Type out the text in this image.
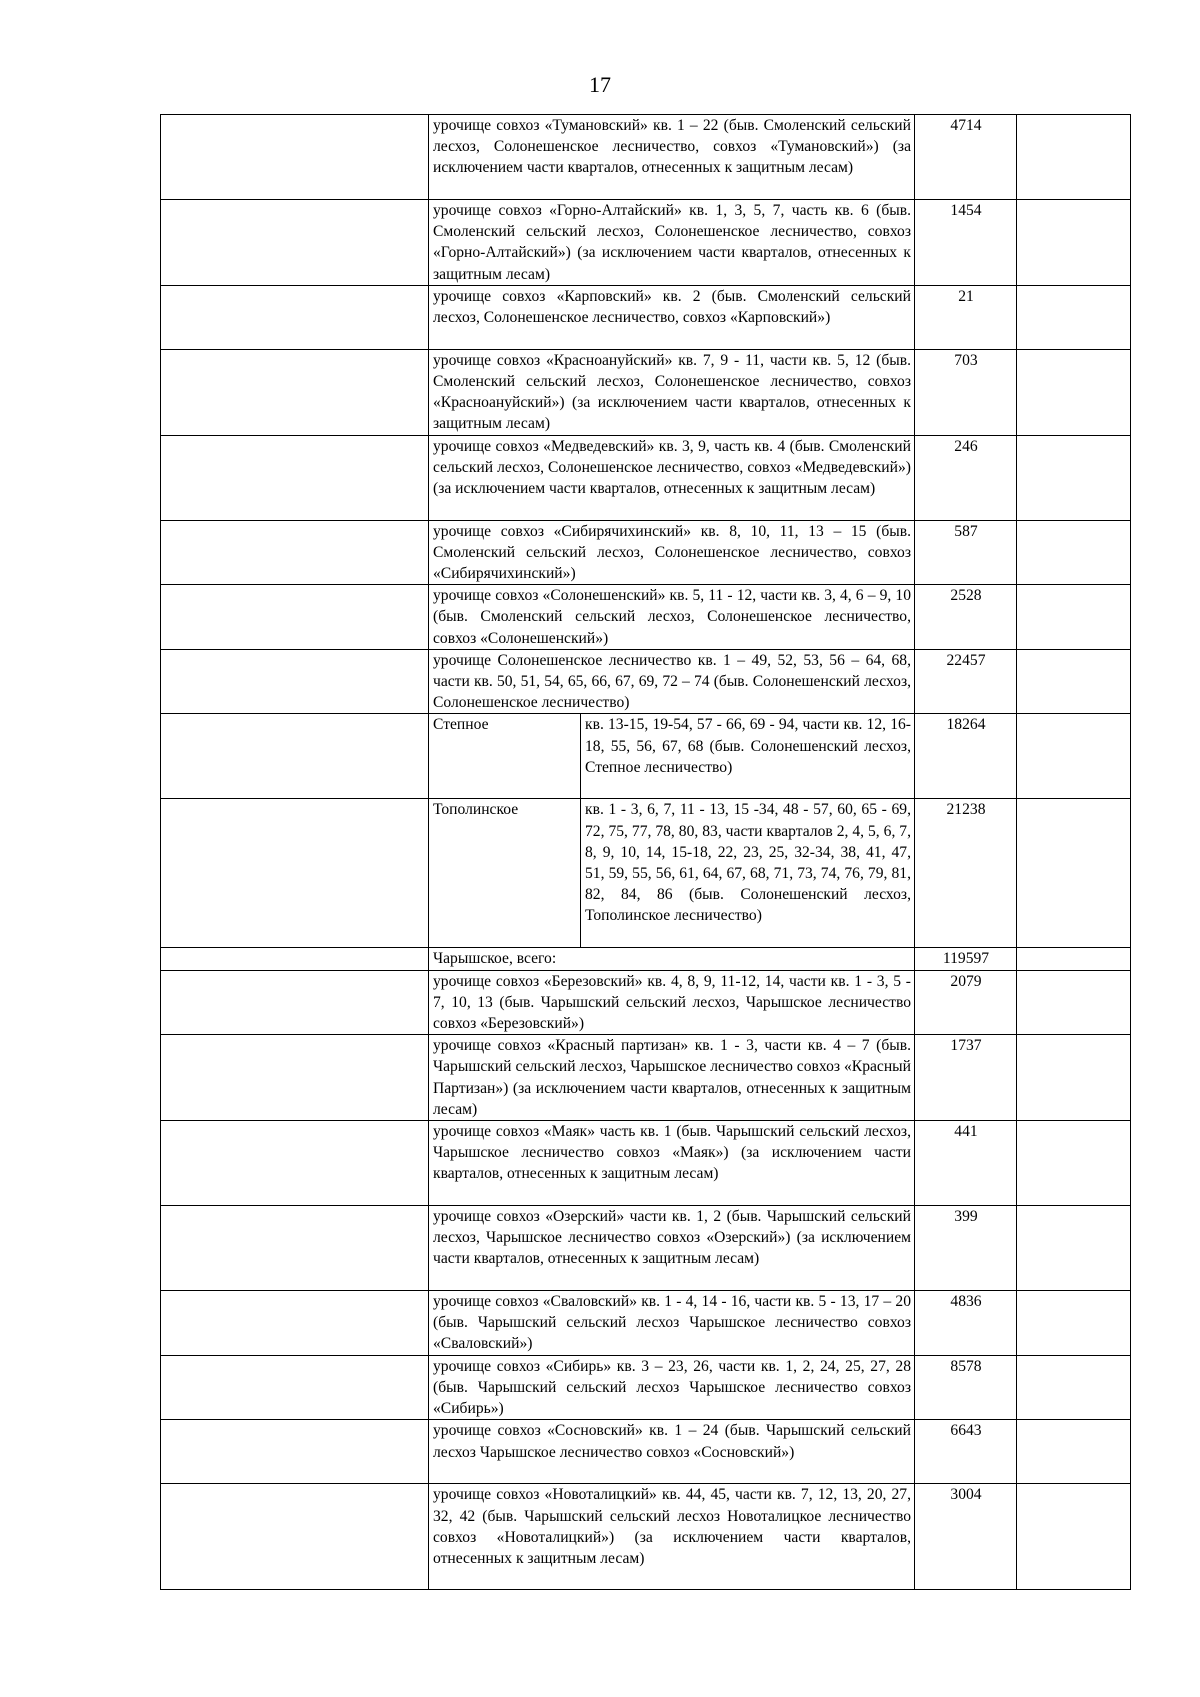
17
	урочище совхоз «Тумановский» кв. 1 – 22 (быв. Смоленский сельский лесхоз, Солонешенское лесничество, совхоз «Тумановский») (за исключением части кварталов, отнесенных к защитным лесам)		4714	
	урочище совхоз «Горно-Алтайский» кв. 1, 3, 5, 7, часть кв. 6 (быв. Смоленский сельский лесхоз, Солонешенское лесничество, совхоз «Горно-Алтайский») (за исключением части кварталов, отнесенных к защитным лесам)		1454	
	урочище совхоз «Карповский» кв. 2 (быв. Смоленский сельский лесхоз, Солонешенское лесничество, совхоз «Карповский»)		21	
	урочище совхоз «Красноануйский» кв. 7, 9 - 11, части кв. 5, 12 (быв. Смоленский сельский лесхоз, Солонешенское лесничество, совхоз «Красноануйский») (за исключением части кварталов, отнесенных к защитным лесам)		703	
	урочище совхоз «Медведевский» кв. 3, 9, часть кв. 4 (быв. Смоленский сельский лесхоз, Солонешенское лесничество, совхоз «Медведевский») (за исключением части кварталов, отнесенных к защитным лесам)		246	
	урочище совхоз «Сибирячихинский» кв. 8, 10, 11, 13 – 15 (быв. Смоленский сельский лесхоз, Солонешенское лесничество, совхоз «Сибирячихинский»)		587	
	урочище совхоз «Солонешенский» кв. 5, 11 - 12, части кв. 3, 4, 6 – 9, 10 (быв. Смоленский сельский лесхоз, Солонешенское лесничество, совхоз «Солонешенский»)		2528	
	урочище Солонешенское лесничество кв. 1 – 49, 52, 53, 56 – 64, 68, части кв. 50, 51, 54, 65, 66, 67, 69, 72 – 74 (быв. Солонешенский лесхоз, Солонешенское лесничество)		22457	
	Степное	кв. 13-15, 19-54, 57 - 66, 69 - 94, части кв. 12, 16-18, 55, 56, 67, 68 (быв. Солонешенский лесхоз, Степное лесничество)	18264	
	Тополинское	кв. 1 - 3, 6, 7, 11 - 13, 15 -34, 48 - 57, 60, 65 - 69, 72, 75, 77, 78, 80, 83, части кварталов 2, 4, 5, 6, 7, 8, 9, 10, 14, 15-18, 22, 23, 25, 32-34, 38, 41, 47, 51, 59, 55, 56, 61, 64, 67, 68, 71, 73, 74, 76, 79, 81, 82, 84, 86 (быв. Солонешенский лесхоз, Тополинское лесничество)	21238	
	Чарышское, всего:		119597	
	урочище совхоз «Березовский» кв. 4, 8, 9, 11-12, 14, части кв. 1 - 3, 5 - 7, 10, 13 (быв. Чарышский сельский лесхоз, Чарышское лесничество совхоз «Березовский»)		2079	
	урочище совхоз «Красный партизан» кв. 1 - 3, части кв. 4 – 7 (быв. Чарышский сельский лесхоз, Чарышское лесничество совхоз «Красный Партизан») (за исключением части кварталов, отнесенных к защитным лесам)		1737	
	урочище совхоз «Маяк» часть кв. 1 (быв. Чарышский сельский лесхоз, Чарышское лесничество совхоз «Маяк») (за исключением части кварталов, отнесенных к защитным лесам)		441	
	урочище совхоз «Озерский» части кв. 1, 2 (быв. Чарышский сельский лесхоз, Чарышское лесничество совхоз «Озерский») (за исключением части кварталов, отнесенных к защитным лесам)		399	
	урочище совхоз «Сваловский» кв. 1 - 4, 14 - 16, части кв. 5 - 13, 17 – 20 (быв. Чарышский сельский лесхоз Чарышское лесничество совхоз «Сваловский»)		4836	
	урочище совхоз «Сибирь» кв. 3 – 23, 26, части кв. 1, 2, 24, 25, 27, 28 (быв. Чарышский сельский лесхоз Чарышское лесничество совхоз «Сибирь»)		8578	
	урочище совхоз «Сосновский» кв. 1 – 24 (быв. Чарышский сельский лесхоз Чарышское лесничество совхоз «Сосновский»)		6643	
	урочище совхоз «Новоталицкий» кв. 44, 45, части кв. 7, 12, 13, 20, 27, 32, 42 (быв. Чарышский сельский лесхоз Новоталицкое лесничество совхоз «Новоталицкий») (за исключением части кварталов, отнесенных к защитным лесам)		3004	
